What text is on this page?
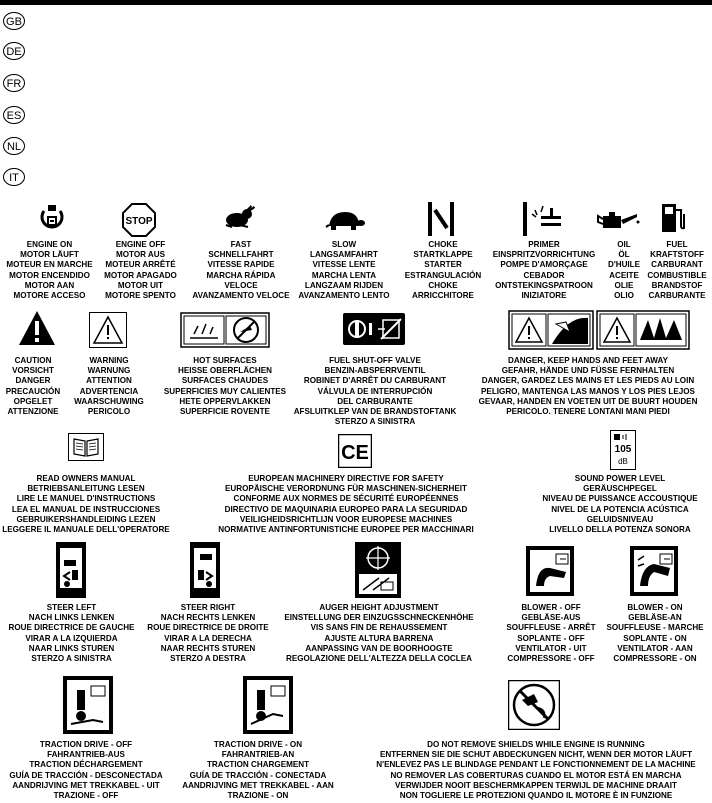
GB
DE
FR
ES
NL
IT
STOP
ENGINE ON
MOTOR LÄUFT
MOTEUR EN MARCHE
MOTOR ENCENDIDO
MOTOR AAN
MOTORE ACCESO
ENGINE OFF
MOTOR AUS
MOTEUR ARRÊTÉ
MOTOR APAGADO
MOTOR UIT
MOTORE SPENTO
FAST
SCHNELLFAHRT
VITESSE RAPIDE
MARCHA RÁPIDA
VELOCE
AVANZAMENTO VELOCE
SLOW
LANGSAMFAHRT
VITESSE LENTE
MARCHA LENTA
LANGZAAM RIJDEN
AVANZAMENTO LENTO
CHOKE
STARTKLAPPE
STARTER
ESTRANGULACIÓN
CHOKE
ARRICCHITORE
PRIMER
EINSPRITZVORRICHTUNG
POMPE D'AMORÇAGE
CEBADOR
ONTSTEKINGSPATROON
INIZIATORE
OIL
ÖL
D'HUILE
ACEITE
OLIE
OLIO
FUEL
KRAFTSTOFF
CARBURANT
COMBUSTIBLE
BRANDSTOF
CARBURANTE
CAUTION
VORSICHT
DANGER
PRECAUCIÓN
OPGELET
ATTENZIONE
WARNING
WARNUNG
ATTENTION
ADVERTENCIA
WAARSCHUWING
PERICOLO
HOT SURFACES
HEISSE OBERFLÄCHEN
SURFACES CHAUDES
SUPERFICIES MUY CALIENTES
HETE OPPERVLAKKEN
SUPERFICIE ROVENTE
FUEL SHUT-OFF VALVE
BENZIN-ABSPERRVENTIL
ROBINET D'ARRÊT DU CARBURANT
VÁLVULA DE INTERRUPCIÓN
DEL CARBURANTE
AFSLUITKLEP VAN DE BRANDSTOFTANK
STERZO A SINISTRA
DANGER, KEEP HANDS AND FEET AWAY
GEFAHR, HÄNDE UND FÜSSE FERNHALTEN
DANGER, GARDEZ LES MAINS ET LES PIEDS AU LOIN
PELIGRO, MANTENGA LAS MANOS Y LOS PIES LEJOS
GEVAAR, HANDEN EN VOETEN UIT DE BUURT HOUDEN
PERICOLO. TENERE LONTANI MANI PIEDI
CE	105
dB
READ OWNERS MANUAL
BETRIEBSANLEITUNG LESEN
LIRE LE MANUEL D'INSTRUCTIONS
LEA EL MANUAL DE INSTRUCCIONES
GEBRUIKERSHANDLEIDING LEZEN
LEGGERE IL MANUALE DELL'OPERATORE
EUROPEAN MACHINERY DIRECTIVE FOR SAFETY
EUROPÄISCHE VERORDNUNG FÜR MASCHINEN-SICHERHEIT
CONFORME AUX NORMES DE SÉCURITÉ EUROPÉENNES
DIRECTIVO DE MAQUINARIA EUROPEO PARA LA SEGURIDAD
VEILIGHEIDSRICHTLIJN VOOR EUROPESE MACHINES
NORMATIVE ANTINFORTUNISTICHE EUROPEE PER MACCHINARI
SOUND POWER LEVEL
GERÄUSCHPEGEL
NIVEAU DE PUISSANCE ACCOUSTIQUE
NIVEL DE LA POTENCIA ACÚSTICA
GELUIDSNIVEAU
LIVELLO DELLA POTENZA SONORA
STEER LEFT
NACH LINKS LENKEN
ROUE DIRECTRICE DE GAUCHE
VIRAR A LA IZQUIERDA
NAAR LINKS STUREN
STERZO A SINISTRA
STEER RIGHT
NACH RECHTS LENKEN
ROUE DIRECTRICE DE DROITE
VIRAR A LA DERECHA
NAAR RECHTS STUREN
STERZO A DESTRA
AUGER HEIGHT ADJUSTMENT
EINSTELLUNG DER EINZUGSSCHNECKENHÖHE
VIS SANS FIN DE REHAUSSEMENT
AJUSTE ALTURA BARRENA
AANPASSING VAN DE BOORHOOGTE
REGOLAZIONE DELL'ALTEZZA DELLA COCLEA
BLOWER - OFF
GEBLÄSE-AUS
SOUFFLEUSE - ARRÊT
SOPLANTE - OFF
VENTILATOR - UIT
COMPRESSORE - OFF
BLOWER - ON
GEBLÄSE-AN
SOUFFLEUSE - MARCHE
SOPLANTE - ON
VENTILATOR - AAN
COMPRESSORE - ON
TRACTION DRIVE - OFF
FAHRANTRIEB-AUS
TRACTION DÉCHARGEMENT
GUÍA DE TRACCIÓN - DESCONECTADA
AANDRIJVING MET TREKKABEL - UIT
TRAZIONE - OFF
TRACTION DRIVE - ON
FAHRANTRIEB-AN
TRACTION CHARGEMENT
GUÍA DE TRACCIÓN - CONECTADA
AANDRIJVING MET TREKKABEL - AAN
TRAZIONE - ON
DO NOT REMOVE SHIELDS WHILE ENGINE IS RUNNING
ENTFERNEN SIE DIE SCHUT ABDECKUNGEN NICHT, WENN DER MOTOR LÄUFT
N'ENLEVEZ PAS LE BLINDAGE PENDANT LE FONCTIONNEMENT DE LA MACHINE
NO REMOVER LAS COBERTURAS CUANDO EL MOTOR ESTÁ EN MARCHA
VERWIJDER NOOIT BESCHERMKAPPEN TERWIJL DE MACHINE DRAAIT
NON TOGLIERE LE PROTEZIONI QUANDO IL MOTORE È IN FUNZIONE
